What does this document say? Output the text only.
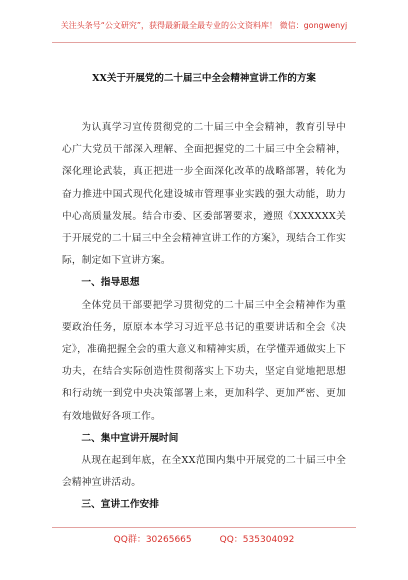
关注头条号“公文研究”，获得最新最全最专业的公文资料库！ 微信：gongwenyj
XX关于开展党的二十届三中全会精神宣讲工作的方案

为认真学习宣传贯彻党的二十届三中全会精神，教育引导中心广大党员干部深入理解、全面把握党的二十届三中全会精神，深化理论武装，真正把进一步全面深化改革的战略部署，转化为奋力推进中国式现代化建设城市管理事业实践的强大动能，助力中心高质量发展。结合市委、区委部署要求，遵照《XXXXXX关于开展党的二十届三中全会精神宣讲工作的方案》，现结合工作实际，制定如下宣讲方案。

一、指导思想

全体党员干部要把学习贯彻党的二十届三中全会精神作为重要政治任务，原原本本学习习近平总书记的重要讲话和全会《决定》，准确把握全会的重大意义和精神实质，在学懂弄通做实上下功夫，在结合实际创造性贯彻落实上下功夫，坚定自觉地把思想和行动统一到党中央决策部署上来，更加科学、更加严密、更加有效地做好各项工作。

二、集中宣讲开展时间

从现在起到年底，在全XX范围内集中开展党的二十届三中全会精神宣讲活动。

三、宣讲工作安排

QQ群：30265665	QQ：535304092
